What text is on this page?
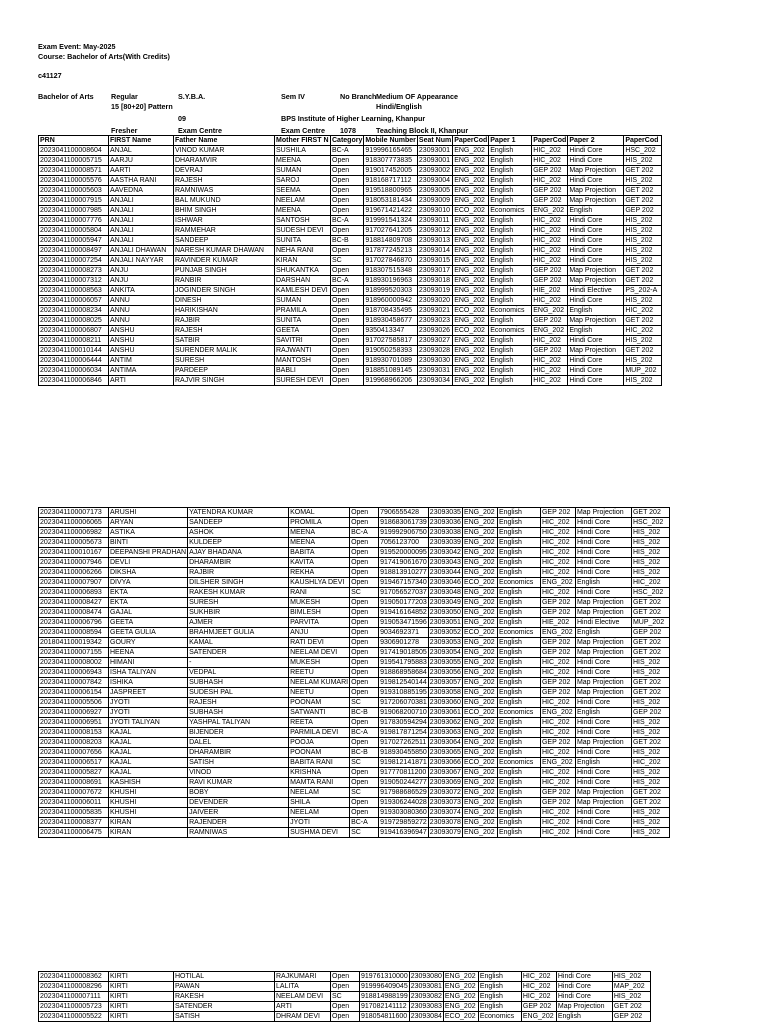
Exam Event: May-2025
Course: Bachelor of Arts(With Credits)
c41127
Bachelor of Arts Regular	S.Y.B.A.	Sem IV	No Branch Medium OF Appearance
15 [80+20] Pattern	Hindi/English
09	BPS Institute of Higher Learning, Khanpur
Fresher	Exam Centre	Exam Centre 1078	Teaching Block II, Khanpur
PRN	FIRST Name	Father Name	Mother FIRST N	Category	Mobile Number	Seat Num	PaperCod	Paper 1	PaperCod	Paper 2	PaperCod
2023041100008604	ANJAL	VINOD KUMAR	SUSHILA	BC-A	919996165465	23093001	ENG_202	English	HIC_202	Hindi Core	HSC_202
2023041100005715	AARJU	DHARAMVIR	MEENA	Open	918307773835	23093001	ENG_202	English	HIC_202	Hindi Core	HIS_202
2023041100008571	AARTI	DEVRAJ	SUMAN	Open	919017452005	23093002	ENG_202	English	GEP 202	Map Projection	GET 202
2023041100005576	AASTHA RANI	RAJESH	SAROJ	Open	918168717112	23093004	ENG_202	English	HIC_202	Hindi Core	HIS_202
2023041100005603	AAVEDNA	RAMNIWAS	SEEMA	Open	919518800965	23093005	ENG_202	English	GEP 202	Map Projection	GET 202
2023041100007915	ANJALI	BAL MUKUND	NEELAM	Open	918053181434	23093009	ENG_202	English	GEP 202	Map Projection	GET 202
2023041100007985	ANJALI	BHIM SINGH	MEENA	Open	919671421422	23093010	ECO_202	Economics	ENG_202	English	GEP 202
2023041100007776	ANJALI	ISHWAR	SANTOSH	BC-A	919991541324	23093011	ENG_202	English	HIC_202	Hindi Core	HIS_202
2023041100005804	ANJALI	RAMMEHAR	SUDESH DEVI	Open	917027641205	23093012	ENG_202	English	HIC_202	Hindi Core	HIS_202
2023041100005947	ANJALI	SANDEEP	SUNITA	BC-B	918814809708	23093013	ENG_202	English	HIC_202	Hindi Core	HIS_202
2023041100008497	ANJALI DHAWAN	NARESH KUMAR DHAWAN	NEHA RANI	Open	917877245213	23093014	ENG_202	English	HIC_202	Hindi Core	HIS_202
2023041100007254	ANJALI NAYYAR	RAVINDER KUMAR	KIRAN	SC	917027846870	23093015	ENG_202	English	HIC_202	Hindi Core	HIS_202
2023041100008273	ANJU	PUNJAB SINGH	SHUKANTKA	Open	918307515348	23093017	ENG_202	English	GEP 202	Map Projection	GET 202
2023041100007312	ANJU	RANBIR	DARSHAN	BC-A	918930196963	23093018	ENG_202	English	GEP 202	Map Projection	GET 202
2023041100008563	ANKITA	JOGINDER SINGH	KAMLESH DEVI	Open	918999520303	23093019	ENG_202	English	HIE_202	Hindi Elective	PS_202-A
2023041100006057	ANNU	DINESH	SUMAN	Open	918960000942	23093020	ENG_202	English	HIC_202	Hindi Core	HIS_202
2023041100008234	ANNU	HARIKISHAN	PRAMILA	Open	918708435495	23093021	ECO_202	Economics	ENG_202	English	HIC_202
2023041100008025	ANNU	RAJBIR	SUNITA	Open	918930458677	23093023	ENG_202	English	GEP 202	Map Projection	GET 202
2023041100006807	ANSHU	RAJESH	GEETA	Open	9350413347	23093026	ECO_202	Economics	ENG_202	English	HIC_202
2023041100008211	ANSHU	SATBIR	SAVITRI	Open	917027585817	23093027	ENG_202	English	HIC_202	Hindi Core	HIS_202
2023041100010144	ANSHU	SURENDER MALIK	RAJWANTI	Open	919050258393	23093028	ENG_202	English	GEP 202	Map Projection	GET 202
2023041100006444	ANTIM	SURESH	MANTOSH	Open	918930701089	23093030	ENG_202	English	HIC_202	Hindi Core	HIS_202
2023041100006034	ANTIMA	PARDEEP	BABLI	Open	918851089145	23093031	ENG_202	English	HIC_202	Hindi Core	MUP_202
2023041100006846	ARTI	RAJVIR SINGH	SURESH DEVI	Open	919968966206	23093034	ENG_202	English	HIC_202	Hindi Core	HIS_202
2023041100007173	ARUSHI	YATENDRA KUMAR	KOMAL	Open	7906555428	23093035	ENG_202	English	GEP 202	Map Projection	GET 202
2023041100006065	ARYAN	SANDEEP	PROMILA	Open	918683061739	23093036	ENG_202	English	HIC_202	Hindi Core	HSC_202
2023041100006982	ASTIKA	ASHOK	MEENA	BC-A	919992906750	23093038	ENG_202	English	HIC_202	Hindi Core	HIS_202
2023041100005673	BINTI	KULDEEP	MEENA	Open	7056123700	23093039	ENG_202	English	HIC_202	Hindi Core	HIS_202
2023041100010167	DEEPANSHI PRADHAN	AJAY BHADANA	BABITA	Open	919520000095	23093042	ENG_202	English	HIC_202	Hindi Core	HIS_202
2023041100007946	DEVLI	DHARAMBIR	KAVITA	Open	917419061670	23093043	ENG_202	English	HIC_202	Hindi Core	HIS_202
2023041100006266	DIKSHA	RAJBIR	REKHA	Open	918813910277	23093044	ENG_202	English	HIC_202	Hindi Core	HIS_202
2023041100007907	DIVYA	DILSHER SINGH	KAUSHLYA DEVI	Open	919467157340	23093046	ECO_202	Economics	ENG_202	English	HIC_202
2023041100006893	EKTA	RAKESH KUMAR	RANI	SC	917056527037	23093048	ENG_202	English	HIC_202	Hindi Core	HSC_202
2023041100008427	EKTA	SURESH	MUKESH	Open	919050177203	23093049	ENG_202	English	GEP 202	Map Projection	GET 202
2023041100008474	GAJAL	SUKHBIR	BIMLESH	Open	919416164852	23093050	ENG_202	English	GEP 202	Map Projection	GET 202
2023041100006796	GEETA	AJMER	PARVITA	Open	919053471596	23093051	ENG_202	English	HIE_202	Hindi Elective	MUP_202
2023041100008594	GEETA GULIA	BRAHMJEET GULIA	ANJU	Open	9034692371	23093052	ECO_202	Economics	ENG_202	English	GEP 202
2018041100019342	GOURY	KAMAL	RATI DEVI	Open	9306901278	23093053	ENG_202	English	GEP 202	Map Projection	GET 202
2023041100007155	HEENA	SATENDER	NEELAM DEVI	Open	917419018505	23093054	ENG_202	English	GEP 202	Map Projection	GET 202
2023041100008002	HIMANI	-	MUKESH	Open	919541795883	23093055	ENG_202	English	HIC_202	Hindi Core	HIS_202
2023041100006943	ISHA TALIYAN	VEDPAL	REETU	Open	918868958684	23093056	ENG_202	English	HIC_202	Hindi Core	HIS_202
2023041100007842	ISHIKA	SUBHASH	NEELAM KUMARI	Open	919812540144	23093057	ENG_202	English	GEP 202	Map Projection	GET 202
2023041100006154	JASPREET	SUDESH PAL	NEETU	Open	919310885195	23093058	ENG_202	English	GEP 202	Map Projection	GET 202
2023041100005506	JYOTI	RAJESH	POONAM	SC	917206070381	23093060	ENG_202	English	HIC_202	Hindi Core	HIS_202
2023041100006927	JYOTI	SUBHASH	SATWANTI	BC-B	919068200710	23093061	ECO_202	Economics	ENG_202	English	GEP 202
2023041100006951	JYOTI TALIYAN	YASHPAL TALIYAN	REETA	Open	917830594294	23093062	ENG_202	English	HIC_202	Hindi Core	HIS_202
2023041100008153	KAJAL	BIJENDER	PARMILA DEVI	BC-A	919817871254	23093063	ENG_202	English	HIC_202	Hindi Core	HIS_202
2023041100008203	KAJAL	DALEL	POOJA	Open	917027262511	23093064	ENG_202	English	GEP 202	Map Projection	GET 202
2023041100007656	KAJAL	DHARAMBIR	POONAM	BC-B	918930455850	23093065	ENG_202	English	HIC_202	Hindi Core	HIS_202
2023041100006517	KAJAL	SATISH	BABITA RANI	SC	919812141871	23093066	ECO_202	Economics	ENG_202	English	HIC_202
2023041100005827	KAJAL	VINOD	KRISHNA	Open	917770811200	23093067	ENG_202	English	HIC_202	Hindi Core	HIS_202
2023041100008691	KASHISH	RAVI KUMAR	MAMTA RANI	Open	919050244277	23093069	ENG_202	English	HIC_202	Hindi Core	HIS_202
2023041100007672	KHUSHI	BOBY	NEELAM	SC	917988686529	23093072	ENG_202	English	GEP 202	Map Projection	GET 202
2023041100006011	KHUSHI	DEVENDER	SHILA	Open	919306244028	23093073	ENG_202	English	GEP 202	Map Projection	GET 202
2023041100005835	KHUSHI	JAIVEER	NEELAM	Open	919303080360	23093074	ENG_202	English	HIC_202	Hindi Core	HIS_202
2023041100008377	KIRAN	RAJENDER	JYOTI	BC-A	919729859272	23093078	ENG_202	English	HIC_202	Hindi Core	HIS_202
2023041100006475	KIRAN	RAMNIWAS	SUSHMA DEVI	SC	919416396947	23093079	ENG_202	English	HIC_202	Hindi Core	HIS_202
2023041100008362	KIRTI	HOTILAL	RAJKUMARI	Open	919761310000	23093080	ENG_202	English	HIC_202	Hindi Core	HIS_202
2023041100008296	KIRTI	PAWAN	LALITA	Open	919996409045	23093081	ENG_202	English	HIC_202	Hindi Core	MAP_202
2023041100007111	KIRTI	RAKESH	NEELAM DEVI	SC	918814988199	23093082	ENG_202	English	HIC_202	Hindi Core	HIS_202
2023041100005723	KIRTI	SATENDER	ARTI	Open	917082141112	23093083	ENG_202	English	GEP 202	Map Projection	GET 202
2023041100005522	KIRTI	SATISH	DHRAM DEVI	Open	918054811600	23093084	ECO_202	Economics	ENG_202	English	GEP 202
